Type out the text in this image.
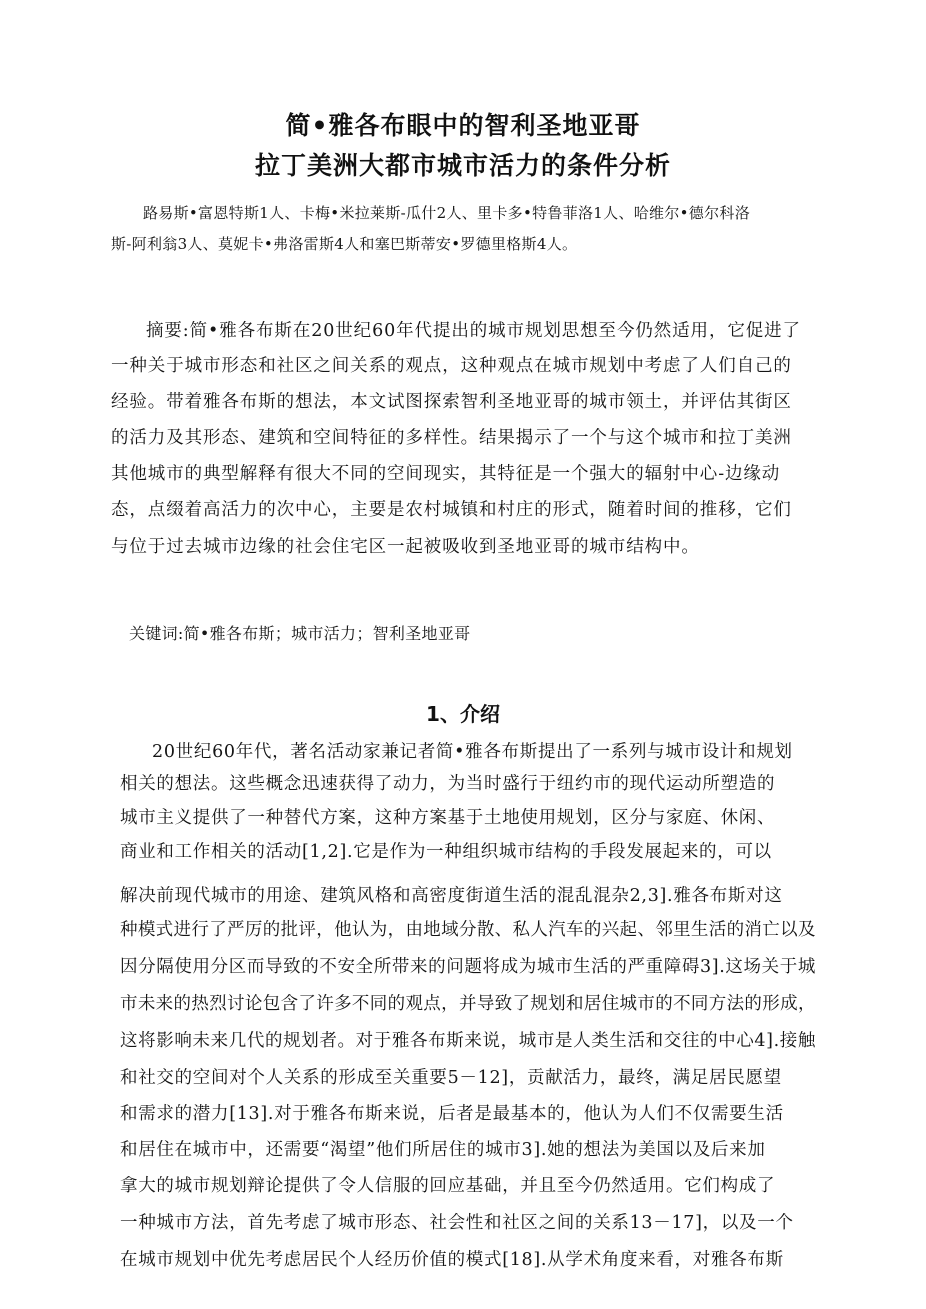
简•雅各布眼中的智利圣地亚哥
拉丁美洲大都市城市活力的条件分析
路易斯•富恩特斯1人、卡梅•米拉莱斯-瓜什2人、里卡多•特鲁菲洛1人、哈维尔•德尔科洛
斯-阿利翁3人、莫妮卡•弗洛雷斯4人和塞巴斯蒂安•罗德里格斯4人。
摘要:简•雅各布斯在20世纪60年代提出的城市规划思想至今仍然适用，它促进了
一种关于城市形态和社区之间关系的观点，这种观点在城市规划中考虑了人们自己的
经验。带着雅各布斯的想法，本文试图探索智利圣地亚哥的城市领土，并评估其街区
的活力及其形态、建筑和空间特征的多样性。结果揭示了一个与这个城市和拉丁美洲
其他城市的典型解释有很大不同的空间现实，其特征是一个强大的辐射中心-边缘动
态，点缀着高活力的次中心，主要是农村城镇和村庄的形式，随着时间的推移，它们
与位于过去城市边缘的社会住宅区一起被吸收到圣地亚哥的城市结构中。
关键词:简•雅各布斯；城市活力；智利圣地亚哥
1、介绍
20世纪60年代，著名活动家兼记者简•雅各布斯提出了一系列与城市设计和规划
相关的想法。这些概念迅速获得了动力，为当时盛行于纽约市的现代运动所塑造的
城市主义提供了一种替代方案，这种方案基于土地使用规划，区分与家庭、休闲、
商业和工作相关的活动[1,2].它是作为一种组织城市结构的手段发展起来的，可以
解决前现代城市的用途、建筑风格和高密度街道生活的混乱混杂2,3].雅各布斯对这
种模式进行了严厉的批评，他认为，由地域分散、私人汽车的兴起、邻里生活的消亡以及
因分隔使用分区而导致的不安全所带来的问题将成为城市生活的严重障碍3].这场关于城
市未来的热烈讨论包含了许多不同的观点，并导致了规划和居住城市的不同方法的形成，
这将影响未来几代的规划者。对于雅各布斯来说，城市是人类生活和交往的中心4].接触
和社交的空间对个人关系的形成至关重要5－12]，贡献活力，最终，满足居民愿望
和需求的潜力[13].对于雅各布斯来说，后者是最基本的，他认为人们不仅需要生活
和居住在城市中，还需要“渴望”他们所居住的城市3].她的想法为美国以及后来加
拿大的城市规划辩论提供了令人信服的回应基础，并且至今仍然适用。它们构成了
一种城市方法，首先考虑了城市形态、社会性和社区之间的关系13－17]，以及一个
在城市规划中优先考虑居民个人经历价值的模式[18].从学术角度来看，对雅各布斯
